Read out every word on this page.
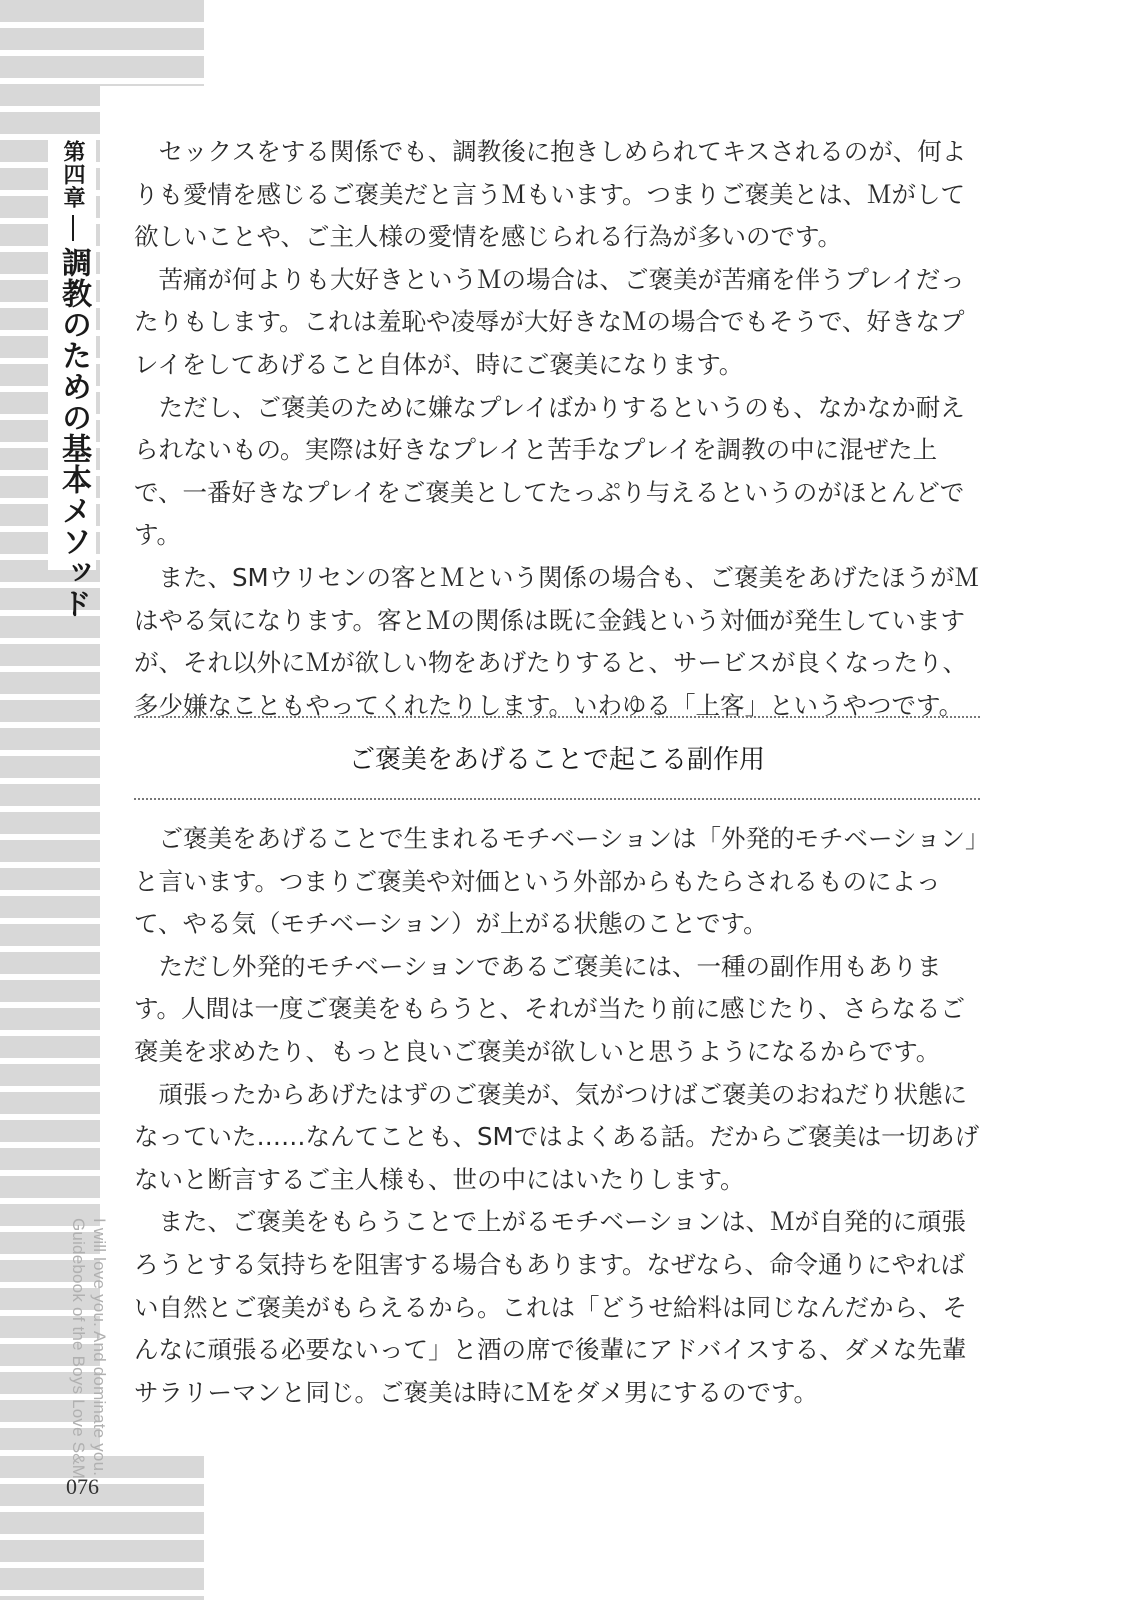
第四章調教のための基本メソッド
I will love you. And dominate you.
Guidebook of the Boys Love S&M.
076

セックスをする関係でも、調教後に抱きしめられてキスされるのが、何よりも愛情を感じるご褒美だと言うＭもいます。つまりご褒美とは、Ｍがして欲しいことや、ご主人様の愛情を感じられる行為が多いのです。

苦痛が何よりも大好きというＭの場合は、ご褒美が苦痛を伴うプレイだったりもします。これは羞恥や凌辱が大好きなＭの場合でもそうで、好きなプレイをしてあげること自体が、時にご褒美になります。

ただし、ご褒美のために嫌なプレイばかりするというのも、なかなか耐えられないもの。実際は好きなプレイと苦手なプレイを調教の中に混ぜた上で、一番好きなプレイをご褒美としてたっぷり与えるというのがほとんどです。

また、SMウリセンの客とＭという関係の場合も、ご褒美をあげたほうがＭはやる気になります。客とＭの関係は既に金銭という対価が発生していますが、それ以外にＭが欲しい物をあげたりすると、サービスが良くなったり、多少嫌なこともやってくれたりします。いわゆる「上客」というやつです。

ご褒美をあげることで起こる副作用

ご褒美をあげることで生まれるモチベーションは「外発的モチベーション」と言います。つまりご褒美や対価という外部からもたらされるものによって、やる気（モチベーション）が上がる状態のことです。

ただし外発的モチベーションであるご褒美には、一種の副作用もあります。人間は一度ご褒美をもらうと、それが当たり前に感じたり、さらなるご褒美を求めたり、もっと良いご褒美が欲しいと思うようになるからです。

頑張ったからあげたはずのご褒美が、気がつけばご褒美のおねだり状態になっていた……なんてことも、SMではよくある話。だからご褒美は一切あげないと断言するご主人様も、世の中にはいたりします。

また、ご褒美をもらうことで上がるモチベーションは、Ｍが自発的に頑張ろうとする気持ちを阻害する場合もあります。なぜなら、命令通りにやればい自然とご褒美がもらえるから。これは「どうせ給料は同じなんだから、そんなに頑張る必要ないって」と酒の席で後輩にアドバイスする、ダメな先輩サラリーマンと同じ。ご褒美は時にＭをダメ男にするのです。
